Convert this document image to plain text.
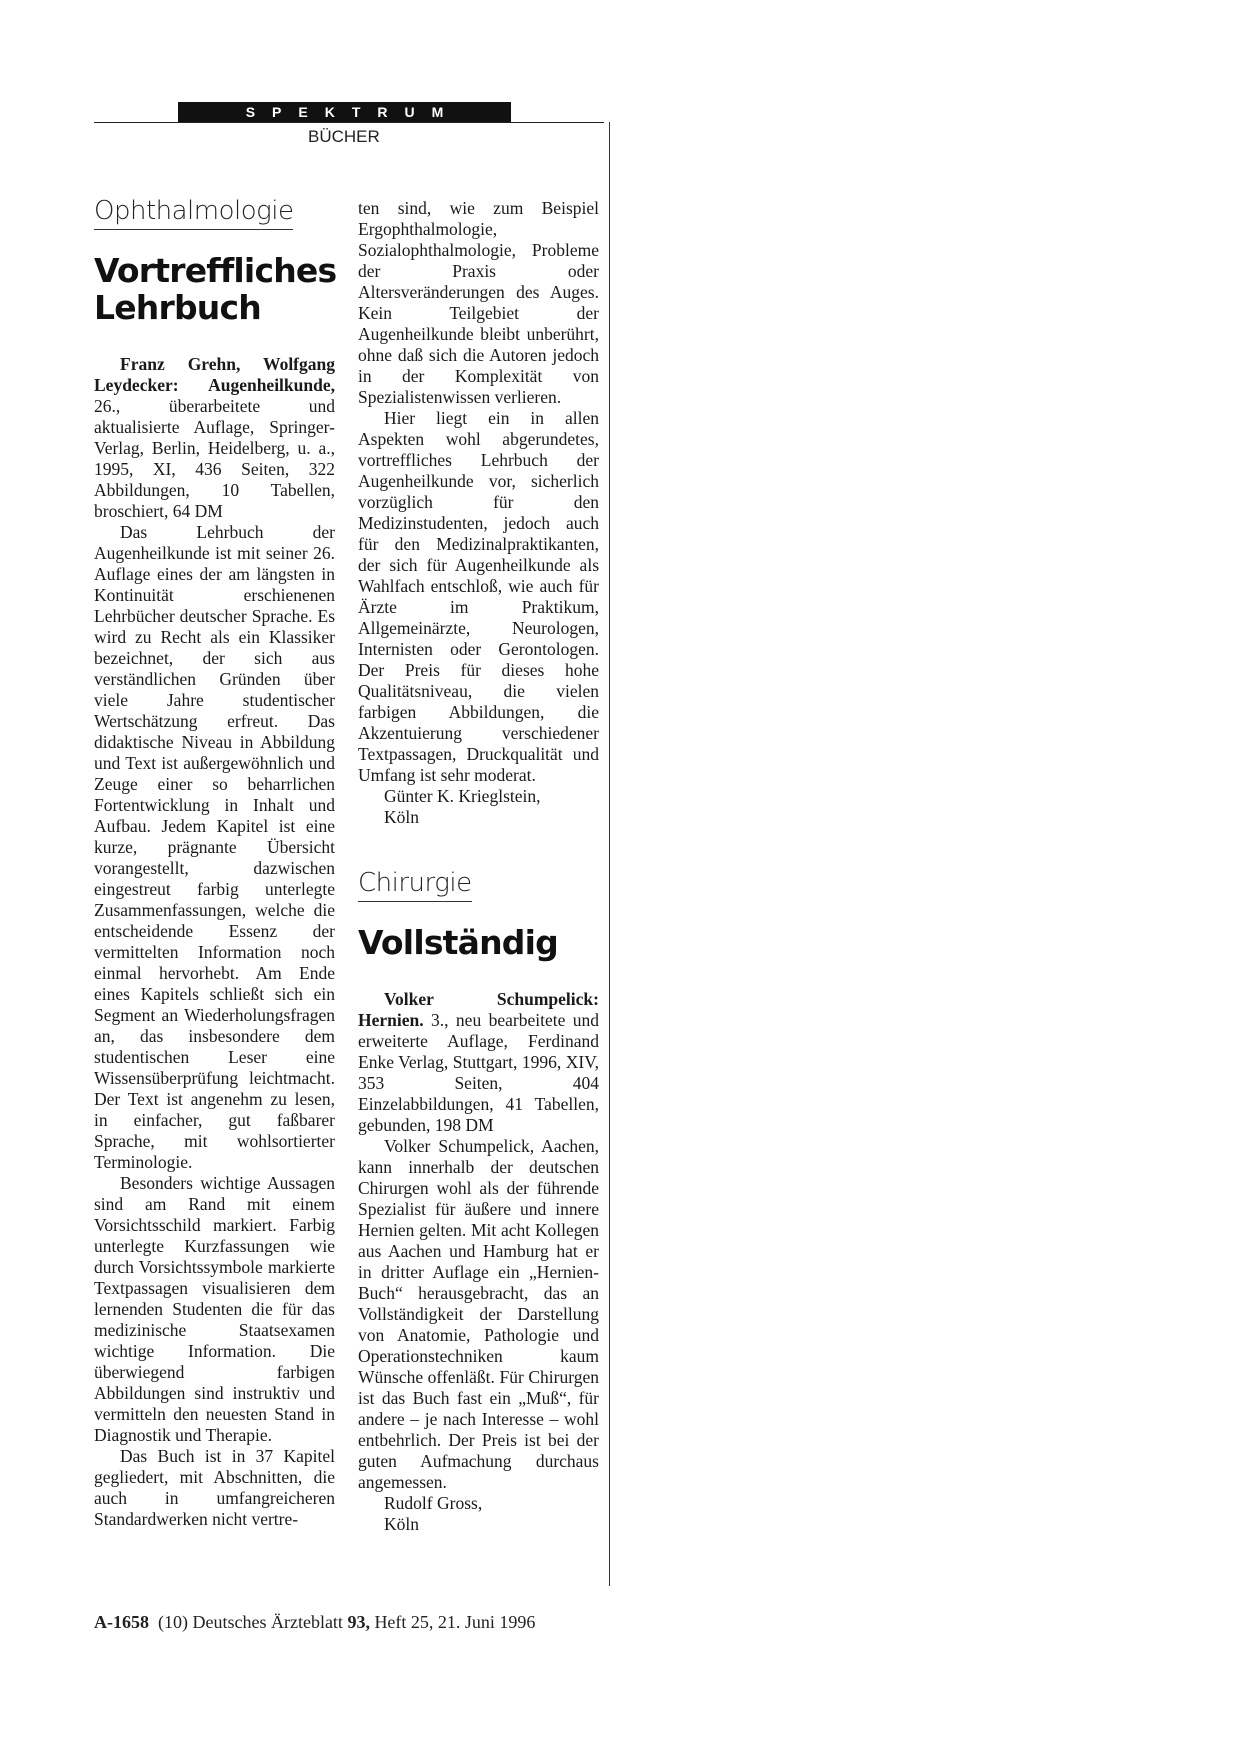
SPEKTRUM
BÜCHER
Ophthalmologie
Vortreffliches
Lehrbuch

Franz Grehn, Wolfgang Leydecker: Augenheilkunde, 26., überarbeitete und aktualisierte Auflage, Springer-Verlag, Berlin, Heidelberg, u. a., 1995, XI, 436 Seiten, 322 Abbildungen, 10 Tabellen, broschiert, 64 DM

Das Lehrbuch der Augenheilkunde ist mit seiner 26. Auflage eines der am längsten in Kontinuität erschienenen Lehrbücher deutscher Sprache. Es wird zu Recht als ein Klassiker bezeichnet, der sich aus verständlichen Gründen über viele Jahre studentischer Wertschätzung erfreut. Das didaktische Niveau in Abbildung und Text ist außergewöhnlich und Zeuge einer so beharrlichen Fortentwicklung in Inhalt und Aufbau. Jedem Kapitel ist eine kurze, prägnante Übersicht vorangestellt, dazwischen eingestreut farbig unterlegte Zusammenfassungen, welche die entscheidende Essenz der vermittelten Information noch einmal hervorhebt. Am Ende eines Kapitels schließt sich ein Segment an Wiederholungsfragen an, das insbesondere dem studentischen Leser eine Wissensüberprüfung leichtmacht. Der Text ist angenehm zu lesen, in einfacher, gut faßbarer Sprache, mit wohlsortierter Terminologie.

Besonders wichtige Aussagen sind am Rand mit einem Vorsichtsschild markiert. Farbig unterlegte Kurzfassungen wie durch Vorsichtssymbole markierte Textpassagen visualisieren dem lernenden Studenten die für das medizinische Staatsexamen wichtige Information. Die überwiegend farbigen Abbildungen sind instruktiv und vermitteln den neuesten Stand in Diagnostik und Therapie.

Das Buch ist in 37 Kapitel gegliedert, mit Abschnitten, die auch in umfangreicheren Standardwerken nicht vertre-

ten sind, wie zum Beispiel Ergophthalmologie, Sozialophthalmologie, Probleme der Praxis oder Altersveränderungen des Auges. Kein Teilgebiet der Augenheilkunde bleibt unberührt, ohne daß sich die Autoren jedoch in der Komplexität von Spezialistenwissen verlieren.

Hier liegt ein in allen Aspekten wohl abgerundetes, vortreffliches Lehrbuch der Augenheilkunde vor, sicherlich vorzüglich für den Medizinstudenten, jedoch auch für den Medizinalpraktikanten, der sich für Augenheilkunde als Wahlfach entschloß, wie auch für Ärzte im Praktikum, Allgemeinärzte, Neurologen, Internisten oder Gerontologen. Der Preis für dieses hohe Qualitätsniveau, die vielen farbigen Abbildungen, die Akzentuierung verschiedener Textpassagen, Druckqualität und Umfang ist sehr moderat.

Günter K. Krieglstein,

Köln

Chirurgie
Vollständig

Volker Schumpelick: Hernien. 3., neu bearbeitete und erweiterte Auflage, Ferdinand Enke Verlag, Stuttgart, 1996, XIV, 353 Seiten, 404 Einzelabbildungen, 41 Tabellen, gebunden, 198 DM

Volker Schumpelick, Aachen, kann innerhalb der deutschen Chirurgen wohl als der führende Spezialist für äußere und innere Hernien gelten. Mit acht Kollegen aus Aachen und Hamburg hat er in dritter Auflage ein „Hernien-Buch“ herausgebracht, das an Vollständigkeit der Darstellung von Anatomie, Pathologie und Operationstechniken kaum Wünsche offenläßt. Für Chirurgen ist das Buch fast ein „Muß“, für andere – je nach Interesse – wohl entbehrlich. Der Preis ist bei der guten Aufmachung durchaus angemessen.

Rudolf Gross,

Köln

A-1658 (10) Deutsches Ärzteblatt 93, Heft 25, 21. Juni 1996
